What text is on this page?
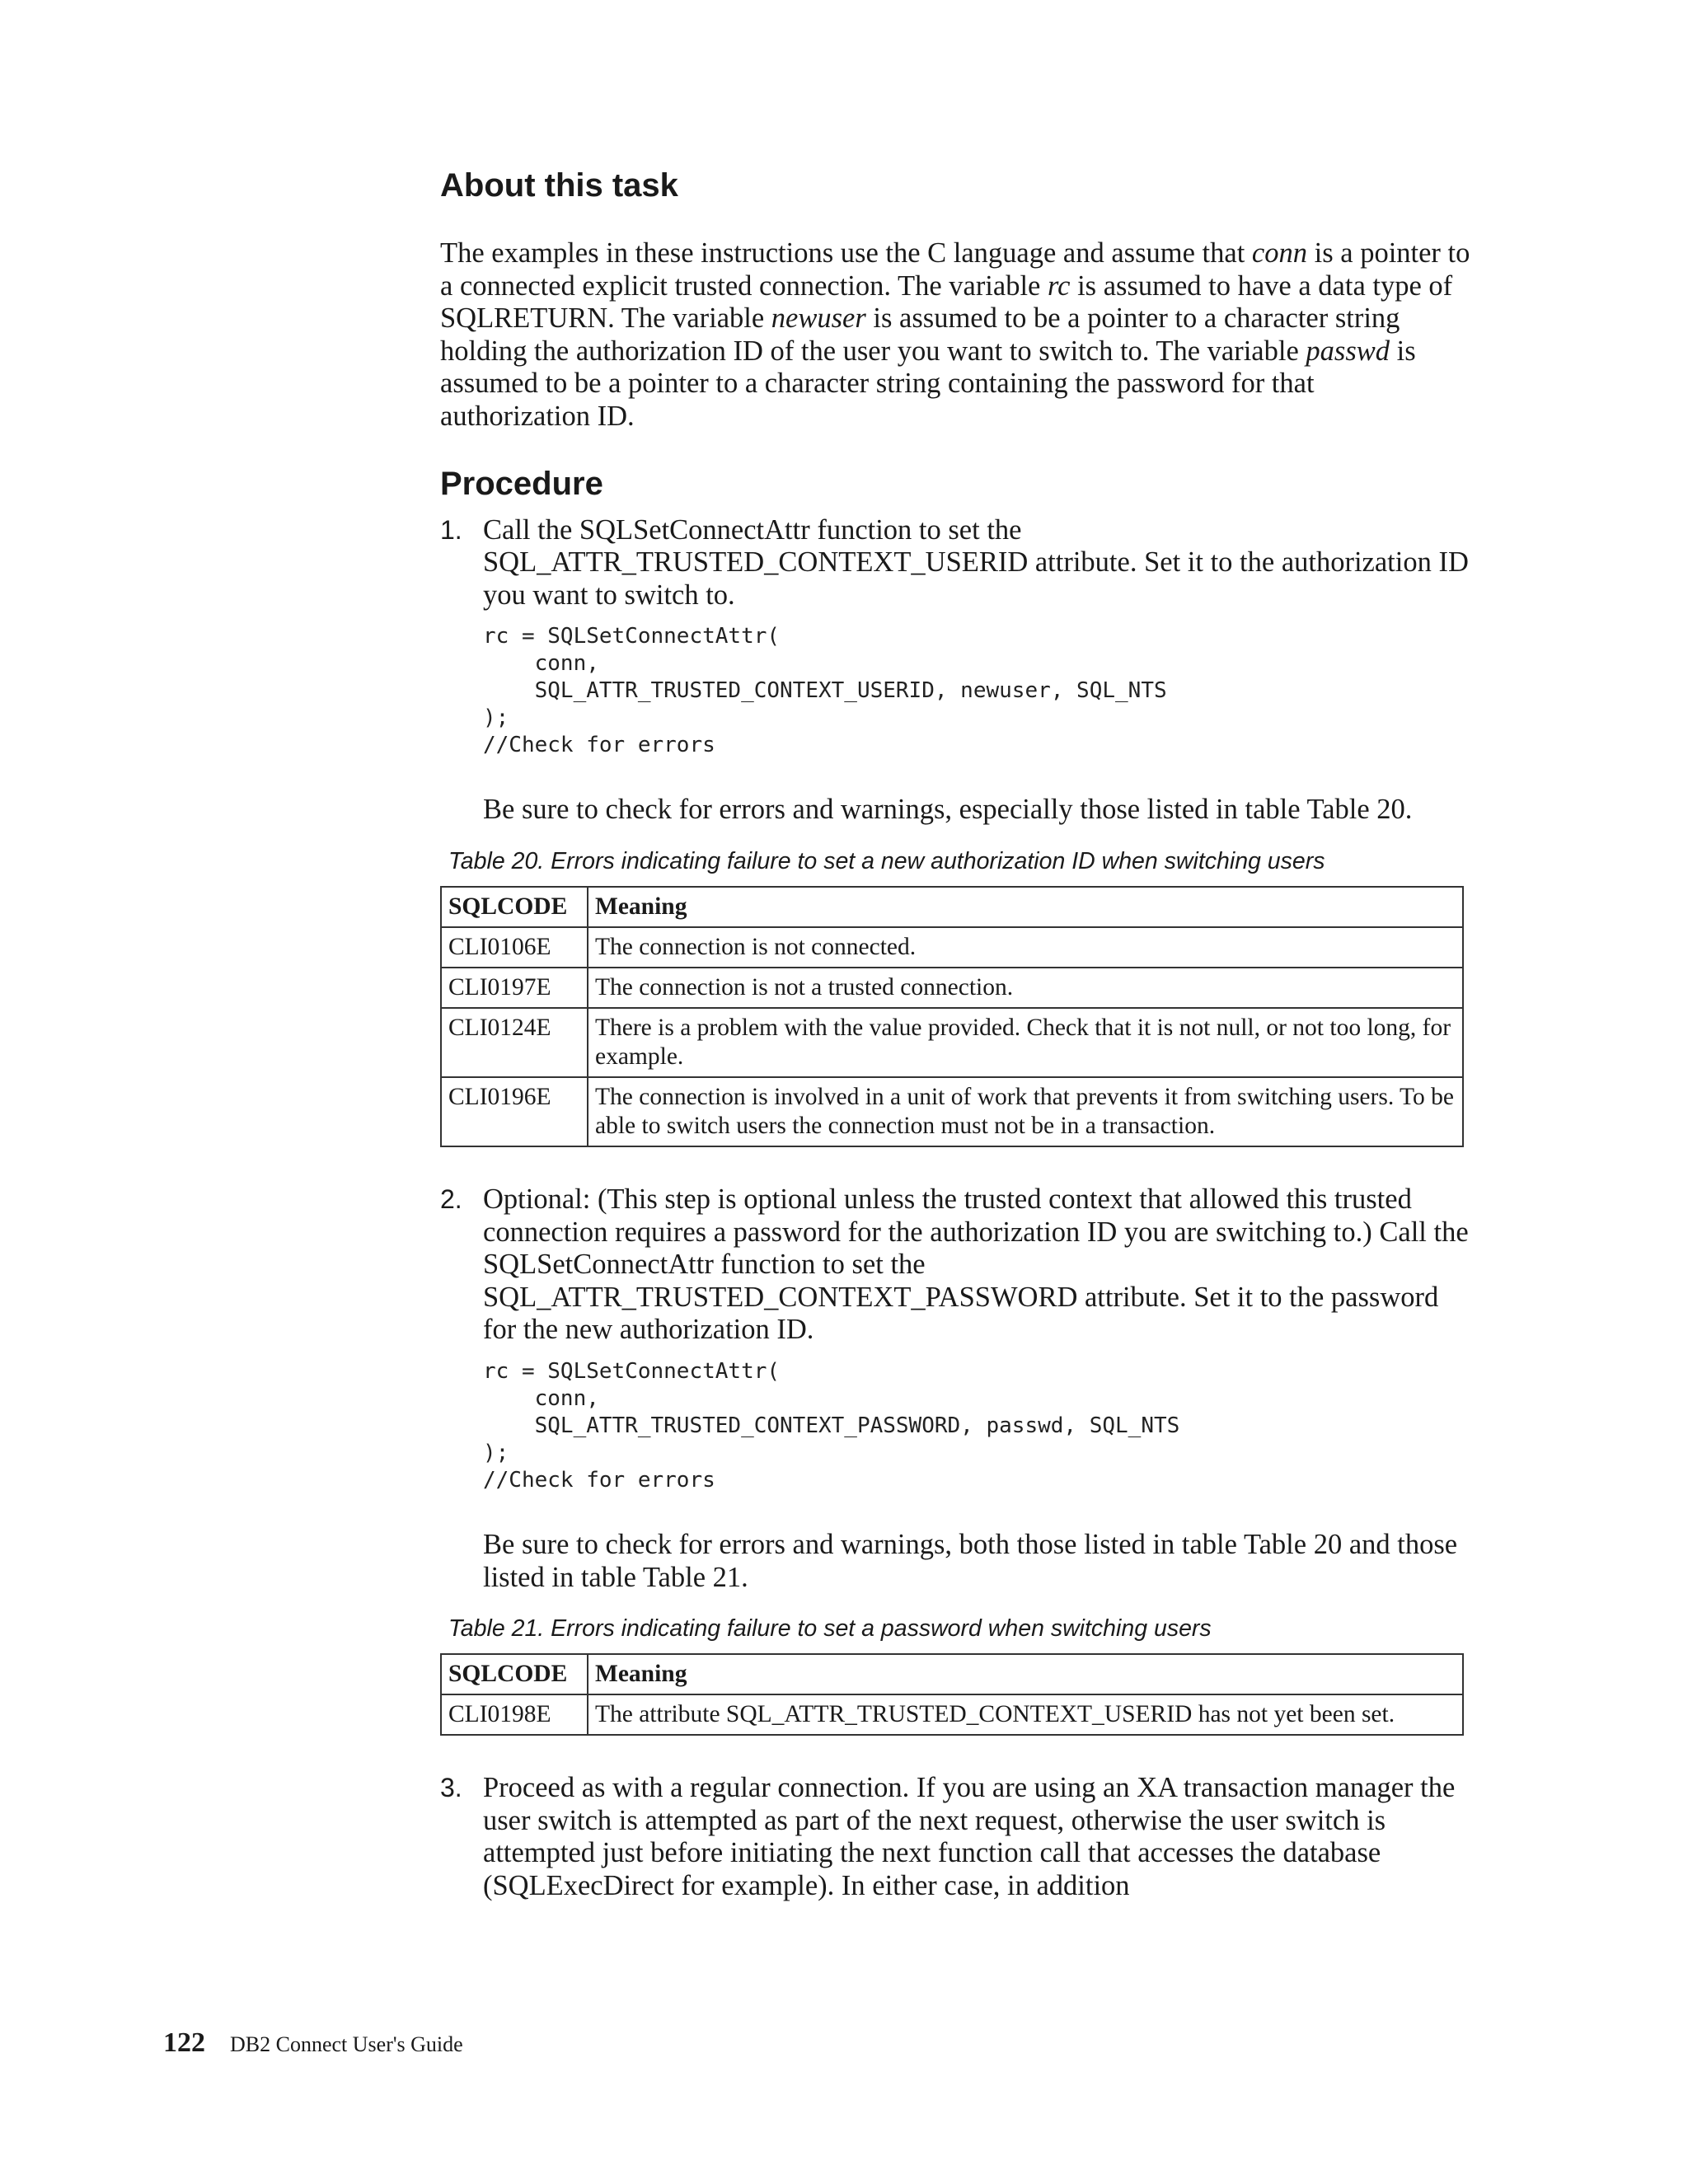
About this task

The examples in these instructions use the C language and assume that conn is a pointer to a connected explicit trusted connection. The variable rc is assumed to have a data type of SQLRETURN. The variable newuser is assumed to be a pointer to a character string holding the authorization ID of the user you want to switch to. The variable passwd is assumed to be a pointer to a character string containing the password for that authorization ID.

Procedure
1. Call the SQLSetConnectAttr function to set the SQL_ATTR_TRUSTED_CONTEXT_USERID attribute. Set it to the authorization ID you want to switch to.

rc = SQLSetConnectAttr(
conn,
SQL_ATTR_TRUSTED_CONTEXT_USERID, newuser, SQL_NTS
);
//Check for errors

Be sure to check for errors and warnings, especially those listed in table Table 20.

Table 20. Errors indicating failure to set a new authorization ID when switching users
SQLCODE	Meaning
CLI0106E	The connection is not connected.
CLI0197E	The connection is not a trusted connection.
CLI0124E	There is a problem with the value provided. Check that it is not null, or not too long, for example.
CLI0196E	The connection is involved in a unit of work that prevents it from switching users. To be able to switch users the connection must not be in a transaction.
2. Optional: (This step is optional unless the trusted context that allowed this trusted connection requires a password for the authorization ID you are switching to.) Call the SQLSetConnectAttr function to set the SQL_ATTR_TRUSTED_CONTEXT_PASSWORD attribute. Set it to the password for the new authorization ID.

rc = SQLSetConnectAttr(
conn,
SQL_ATTR_TRUSTED_CONTEXT_PASSWORD, passwd, SQL_NTS
);
//Check for errors

Be sure to check for errors and warnings, both those listed in table Table 20 and those listed in table Table 21.

Table 21. Errors indicating failure to set a password when switching users
SQLCODE	Meaning
CLI0198E	The attribute SQL_ATTR_TRUSTED_CONTEXT_USERID has not yet been set.
3. Proceed as with a regular connection. If you are using an XA transaction manager the user switch is attempted as part of the next request, otherwise the user switch is attempted just before initiating the next function call that accesses the database (SQLExecDirect for example). In either case, in addition

122 DB2 Connect User's Guide
